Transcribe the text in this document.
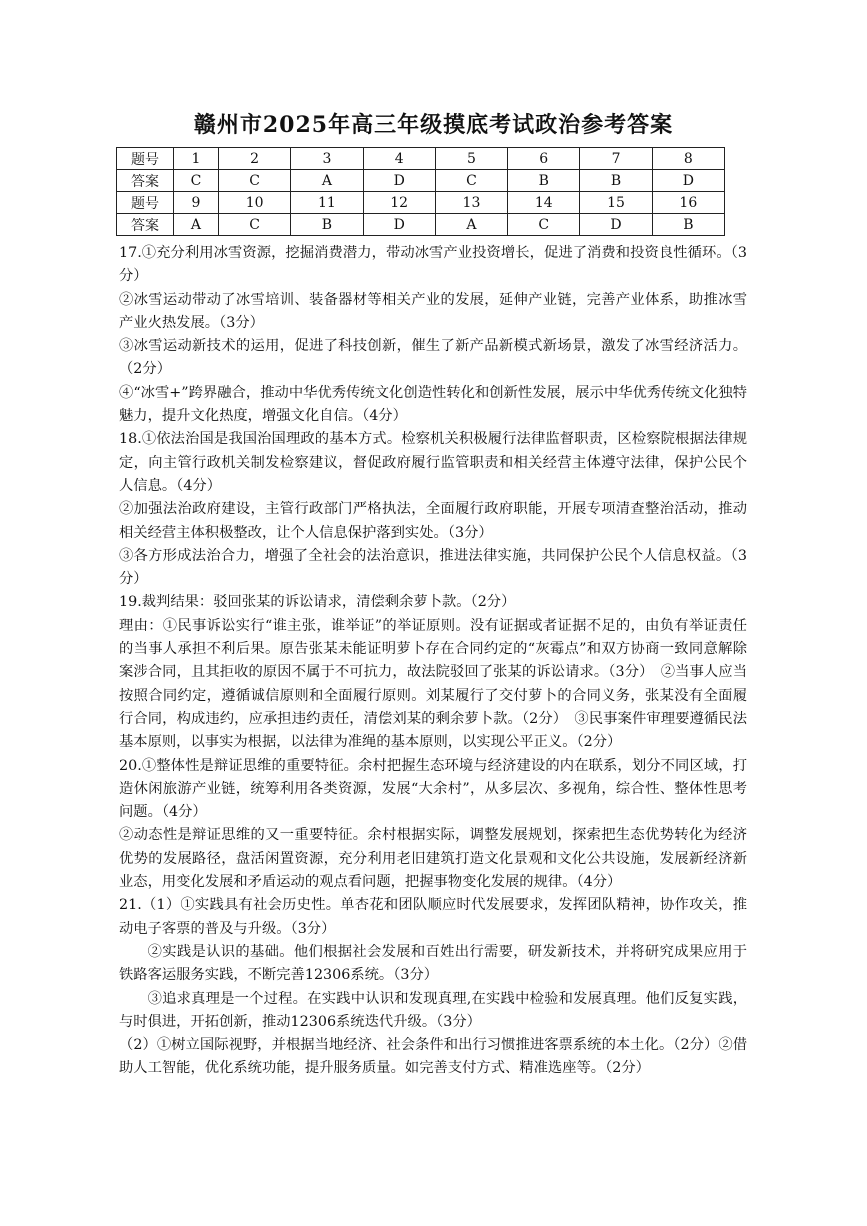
赣州市2025年高三年级摸底考试政治参考答案
题号	1	2	3	4	5	6	7	8
答案	C	C	A	D	C	B	B	D
题号	9	10	11	12	13	14	15	16
答案	A	C	B	D	A	C	D	B

17.①充分利用冰雪资源，挖掘消费潜力，带动冰雪产业投资增长，促进了消费和投资良性循环。（3分）

②冰雪运动带动了冰雪培训、装备器材等相关产业的发展，延伸产业链，完善产业体系，助推冰雪产业火热发展。（3分）

③冰雪运动新技术的运用，促进了科技创新，催生了新产品新模式新场景，激发了冰雪经济活力。（2分）

④“冰雪+”跨界融合，推动中华优秀传统文化创造性转化和创新性发展，展示中华优秀传统文化独特魅力，提升文化热度，增强文化自信。（4分）

18.①依法治国是我国治国理政的基本方式。检察机关积极履行法律监督职责，区检察院根据法律规定，向主管行政机关制发检察建议，督促政府履行监管职责和相关经营主体遵守法律，保护公民个人信息。（4分）

②加强法治政府建设，主管行政部门严格执法，全面履行政府职能，开展专项清查整治活动，推动相关经营主体积极整改，让个人信息保护落到实处。（3分）

③各方形成法治合力，增强了全社会的法治意识，推进法律实施，共同保护公民个人信息权益。（3分）

19.裁判结果：驳回张某的诉讼请求，清偿剩余萝卜款。（2分）

理由：①民事诉讼实行“谁主张，谁举证”的举证原则。没有证据或者证据不足的，由负有举证责任的当事人承担不利后果。原告张某未能证明萝卜存在合同约定的“灰霉点”和双方协商一致同意解除案涉合同，且其拒收的原因不属于不可抗力，故法院驳回了张某的诉讼请求。（3分）　②当事人应当按照合同约定，遵循诚信原则和全面履行原则。刘某履行了交付萝卜的合同义务，张某没有全面履行合同，构成违约，应承担违约责任，清偿刘某的剩余萝卜款。（2分）　③民事案件审理要遵循民法基本原则，以事实为根据，以法律为准绳的基本原则，以实现公平正义。（2分）

20.①整体性是辩证思维的重要特征。余村把握生态环境与经济建设的内在联系，划分不同区域，打造休闲旅游产业链，统筹利用各类资源，发展“大余村”，从多层次、多视角，综合性、整体性思考问题。（4分）

②动态性是辩证思维的又一重要特征。余村根据实际，调整发展规划，探索把生态优势转化为经济优势的发展路径，盘活闲置资源，充分利用老旧建筑打造文化景观和文化公共设施，发展新经济新业态，用变化发展和矛盾运动的观点看问题，把握事物变化发展的规律。（4分）

21.（1）①实践具有社会历史性。单杏花和团队顺应时代发展要求，发挥团队精神，协作攻关，推动电子客票的普及与升级。（3分）

②实践是认识的基础。他们根据社会发展和百姓出行需要，研发新技术，并将研究成果应用于铁路客运服务实践，不断完善12306系统。（3分）

③追求真理是一个过程。在实践中认识和发现真理,在实践中检验和发展真理。他们反复实践，与时俱进，开拓创新，推动12306系统迭代升级。（3分）

（2）①树立国际视野，并根据当地经济、社会条件和出行习惯推进客票系统的本土化。（2分）②借助人工智能，优化系统功能，提升服务质量。如完善支付方式、精准选座等。（2分）
